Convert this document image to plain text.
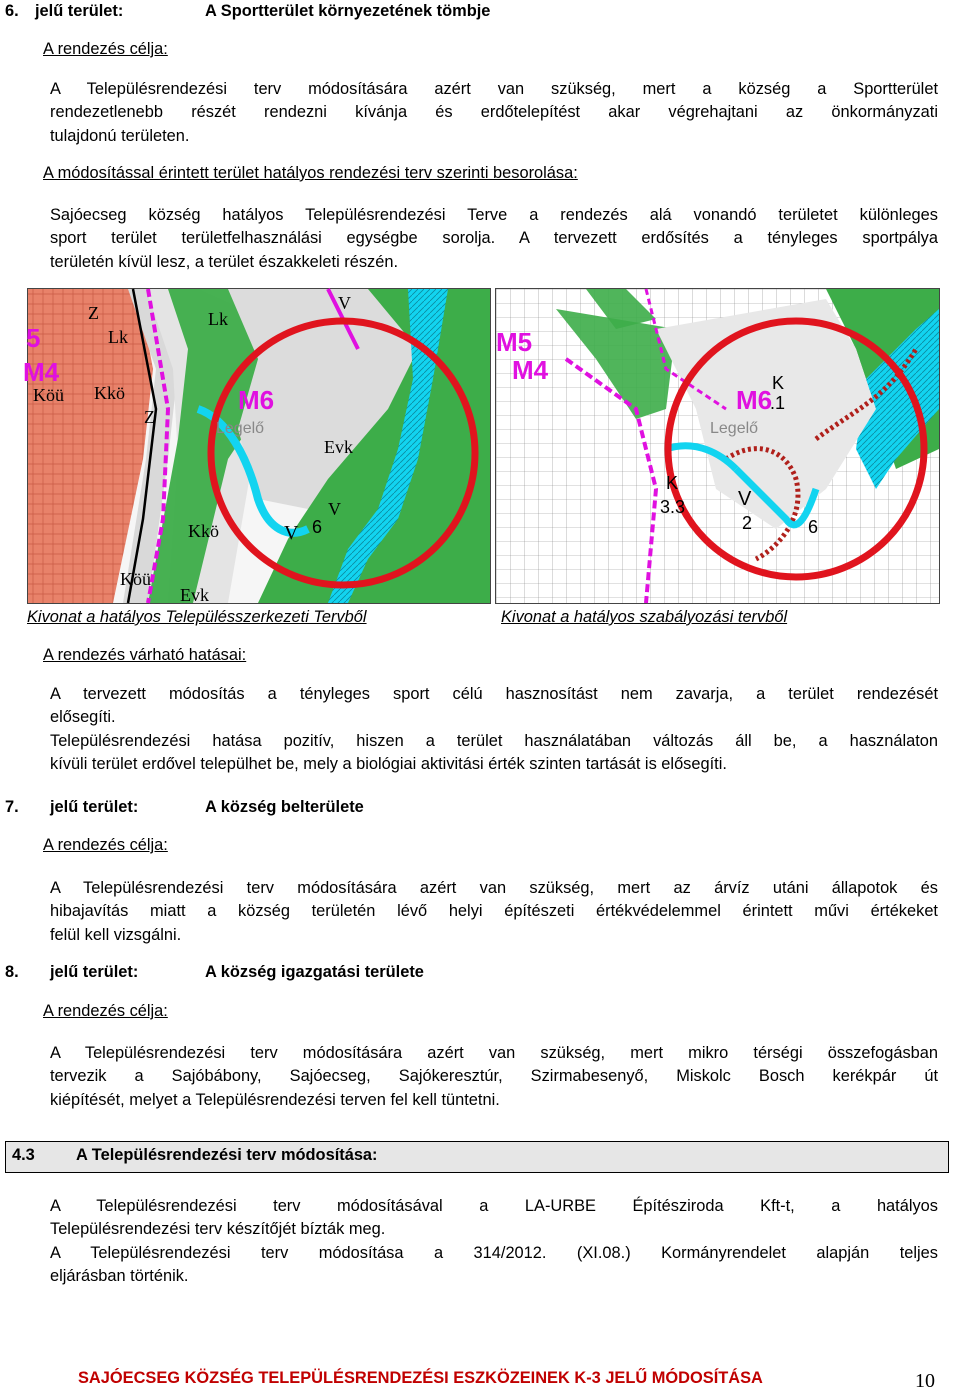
6. jelű terület:	A Sportterület környezetének tömbje
A rendezés célja:
A Településrendezési terv módosítására azért van szükség, mert a község a Sportterület
rendezetlenebb részét rendezni kívánja és erdőtelepítést akar végrehajtani az önkormányzati
tulajdonú területen.
A módosítással érintett terület hatályos rendezési terv szerinti besorolása:
Sajóecseg község hatályos Településrendezési Terve a rendezés alá vonandó területet különleges
sport terület területfelhasználási egységbe sorolja. A tervezett erdősítés a tényleges sportpálya
területén kívül lesz, a terület északkeleti részén.
Z
Lk
Lk
M4
5
Köü Kkö
Z
M6
Legelő
Evk
V
V 6
Kkö
Köü
Evk
V
M5
M4	K
M6
.1
Legelő
K
3.3	V
2	6
Kivonat a hatályos Településszerkezeti Tervből	Kivonat a hatályos szabályozási tervből
A rendezés várható hatásai:
A tervezett módosítás a tényleges sport célú hasznosítást nem zavarja, a terület rendezését
elősegíti.
Településrendezési hatása pozitív, hiszen a terület használatában változás áll be, a használaton
kívüli terület erdővel települhet be, mely a biológiai aktivitási érték szinten tartását is elősegíti.
7. jelű terület:	A község belterülete
A rendezés célja:
A Településrendezési terv módosítására azért van szükség, mert az árvíz utáni állapotok és
hibajavítás miatt a község területén lévő helyi építészeti értékvédelemmel érintett művi értékeket
felül kell vizsgálni.
8. jelű terület:	A község igazgatási területe
A rendezés célja:
A Településrendezési terv módosítására azért van szükség, mert mikro térségi összefogásban
tervezik a Sajóbábony, Sajóecseg, Sajókeresztúr, Szirmabesenyő, Miskolc Bosch kerékpár út
kiépítését, melyet a Településrendezési terven fel kell tüntetni.
4.3	A Településrendezési terv módosítása:
A Településrendezési terv módosításával a LA-URBE Építésziroda Kft-t, a hatályos
Településrendezési terv készítőjét bízták meg.
A Településrendezési terv módosítása a 314/2012. (XI.08.) Kormányrendelet alapján teljes
eljárásban történik.
SAJÓECSEG KÖZSÉG TELEPÜLÉSRENDEZÉSI ESZKÖZEINEK K-3 JELŰ MÓDOSÍTÁSA	10
